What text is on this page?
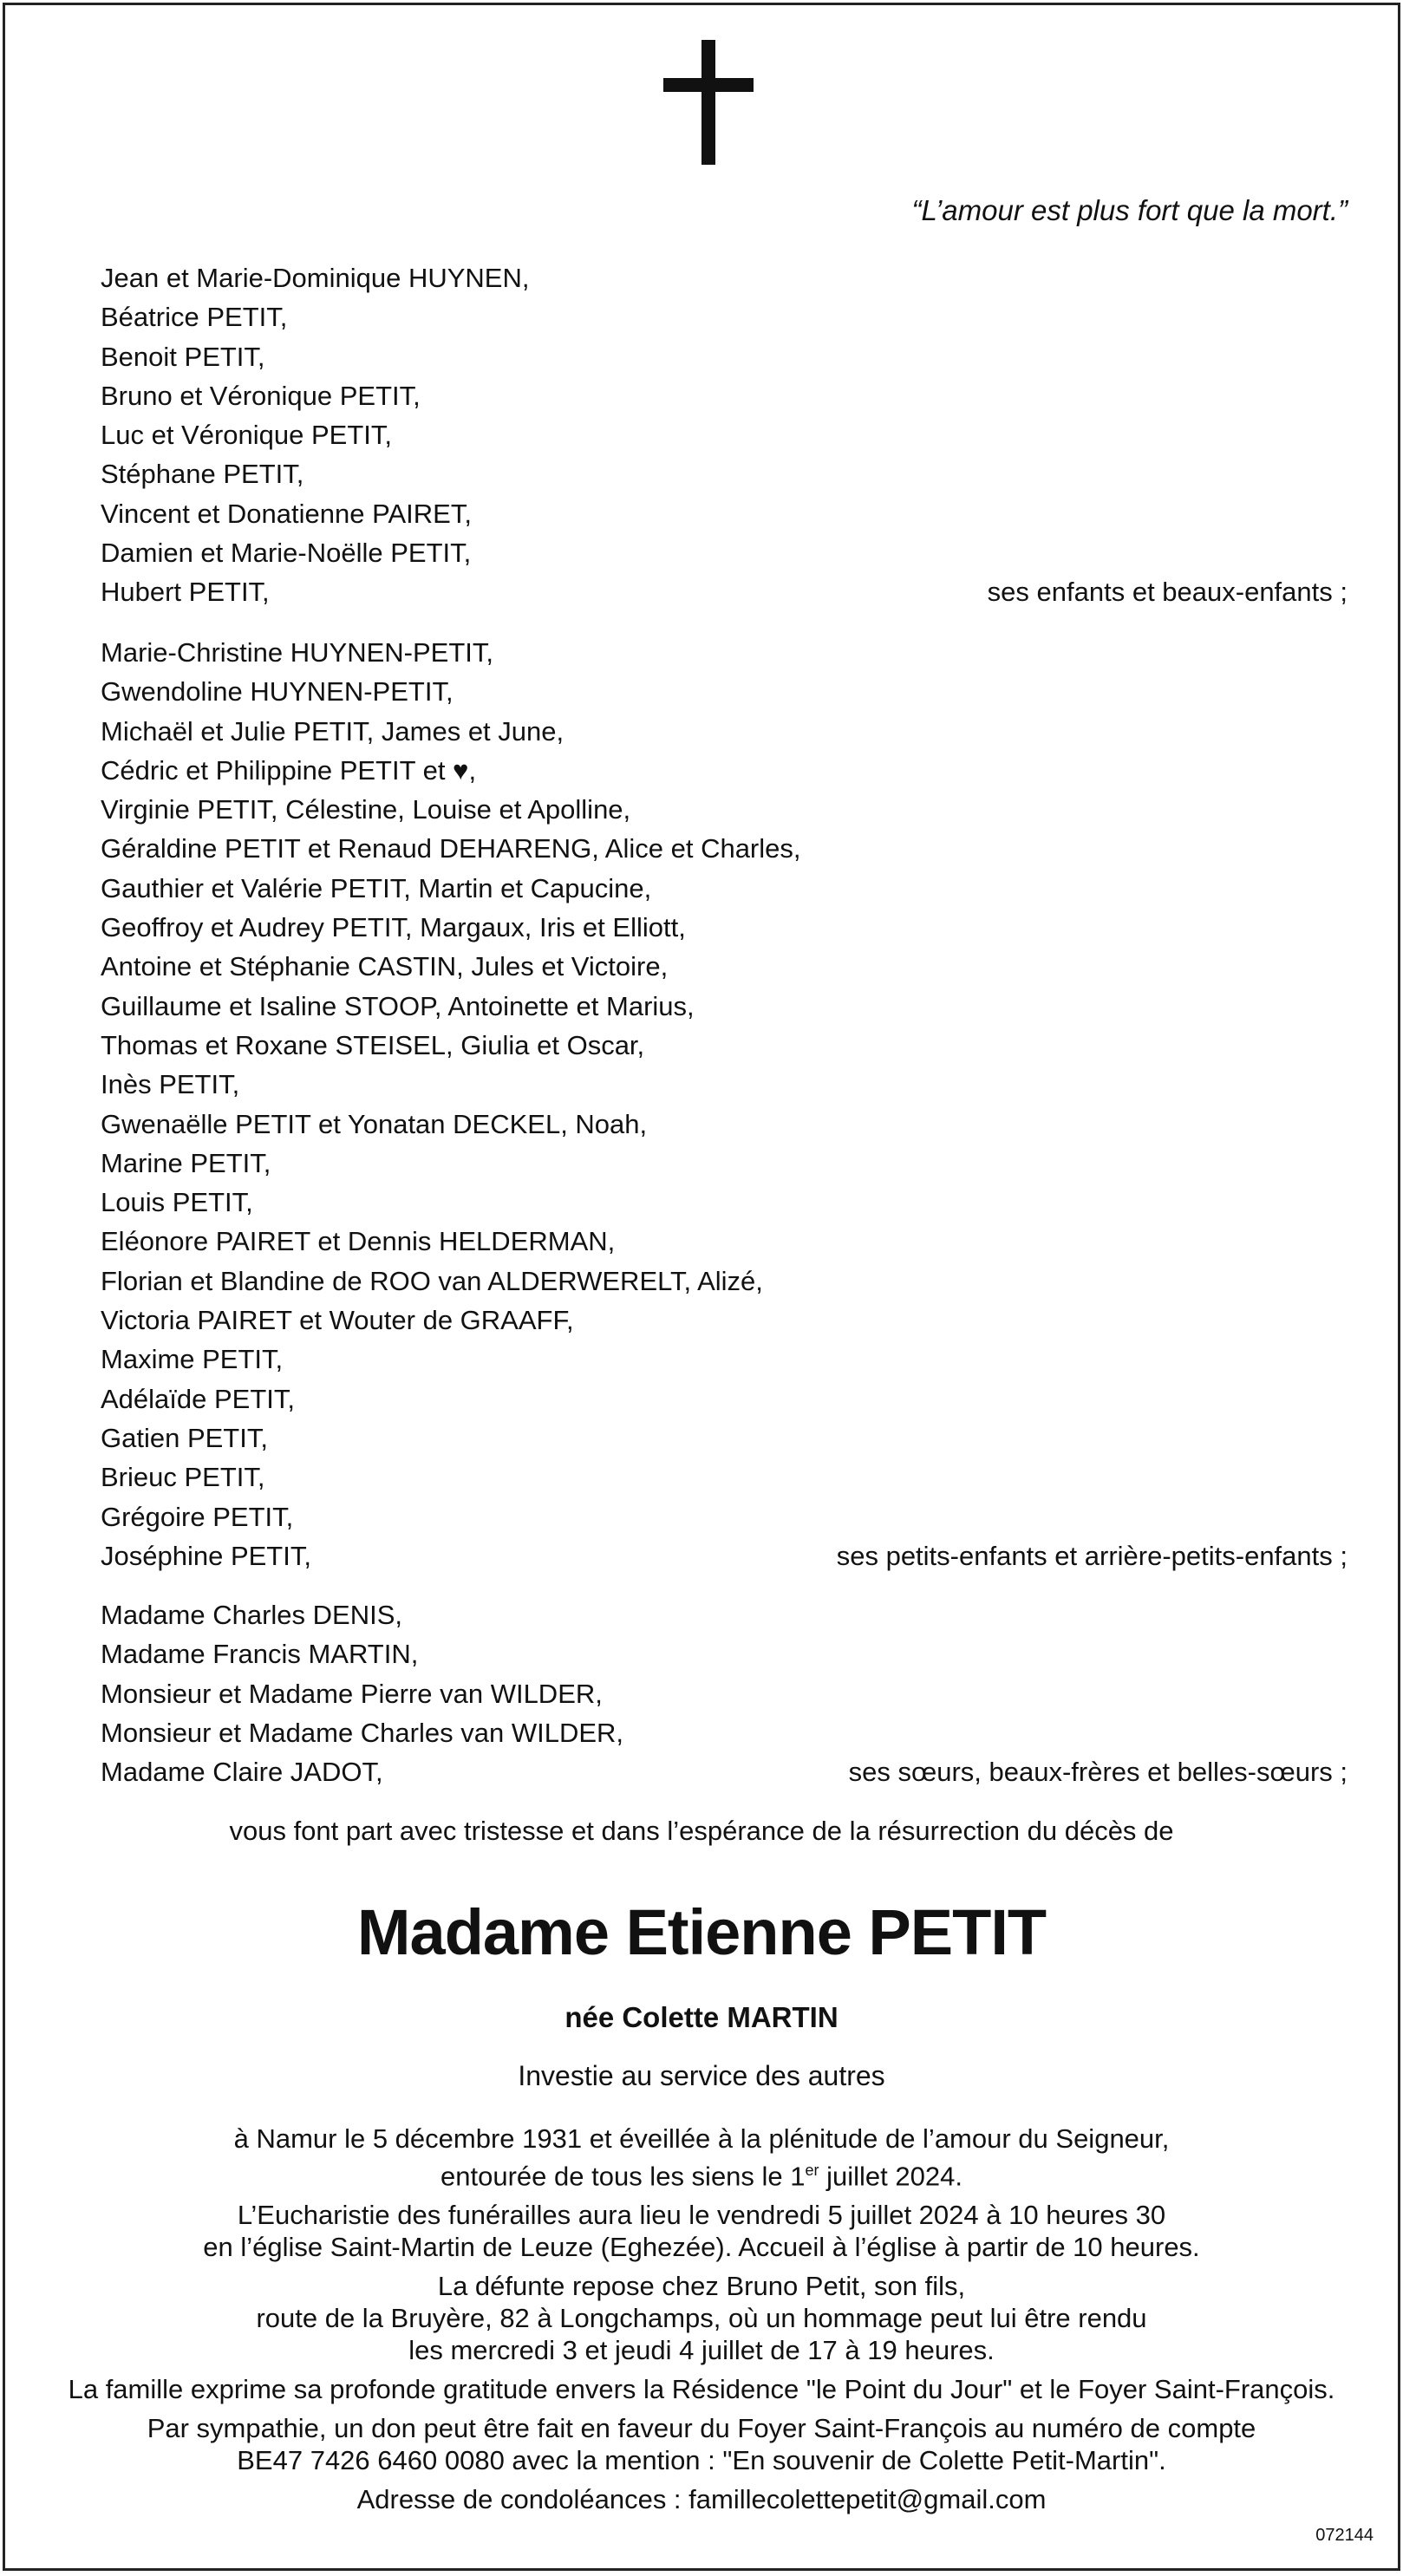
“L’amour est plus fort que la mort.”
Jean et Marie-Dominique HUYNEN,
Béatrice PETIT,
Benoit PETIT,
Bruno et Véronique PETIT,
Luc et Véronique PETIT,
Stéphane PETIT,
Vincent et Donatienne PAIRET,
Damien et Marie-Noëlle PETIT,
Hubert PETIT,	ses enfants et beaux-enfants ;
Marie-Christine HUYNEN-PETIT,
Gwendoline HUYNEN-PETIT,
Michaël et Julie PETIT, James et June,
Cédric et Philippine PETIT et ♥,
Virginie PETIT, Célestine, Louise et Apolline,
Géraldine PETIT et Renaud DEHARENG, Alice et Charles,
Gauthier et Valérie PETIT, Martin et Capucine,
Geoffroy et Audrey PETIT, Margaux, Iris et Elliott,
Antoine et Stéphanie CASTIN, Jules et Victoire,
Guillaume et Isaline STOOP, Antoinette et Marius,
Thomas et Roxane STEISEL, Giulia et Oscar,
Inès PETIT,
Gwenaëlle PETIT et Yonatan DECKEL, Noah,
Marine PETIT,
Louis PETIT,
Eléonore PAIRET et Dennis HELDERMAN,
Florian et Blandine de ROO van ALDERWERELT, Alizé,
Victoria PAIRET et Wouter de GRAAFF,
Maxime PETIT,
Adélaïde PETIT,
Gatien PETIT,
Brieuc PETIT,
Grégoire PETIT,
Joséphine PETIT,	ses petits-enfants et arrière-petits-enfants ;
Madame Charles DENIS,
Madame Francis MARTIN,
Monsieur et Madame Pierre van WILDER,
Monsieur et Madame Charles van WILDER,
Madame Claire JADOT,	ses sœurs, beaux-frères et belles-sœurs ;
vous font part avec tristesse et dans l’espérance de la résurrection du décès de
Madame Etienne PETIT
née Colette MARTIN
Investie au service des autres

à Namur le 5 décembre 1931 et éveillée à la plénitude de l’amour du Seigneur,
entourée de tous les siens le 1er juillet 2024.

L’Eucharistie des funérailles aura lieu le vendredi 5 juillet 2024 à 10 heures 30
en l’église Saint-Martin de Leuze (Eghezée). Accueil à l’église à partir de 10 heures.

La défunte repose chez Bruno Petit, son fils,
route de la Bruyère, 82 à Longchamps, où un hommage peut lui être rendu
les mercredi 3 et jeudi 4 juillet de 17 à 19 heures.

La famille exprime sa profonde gratitude envers la Résidence "le Point du Jour" et le Foyer Saint-François.

Par sympathie, un don peut être fait en faveur du Foyer Saint-François au numéro de compte
BE47 7426 6460 0080 avec la mention : "En souvenir de Colette Petit-Martin".

Adresse de condoléances : famillecolettepetit@gmail.com

072144
